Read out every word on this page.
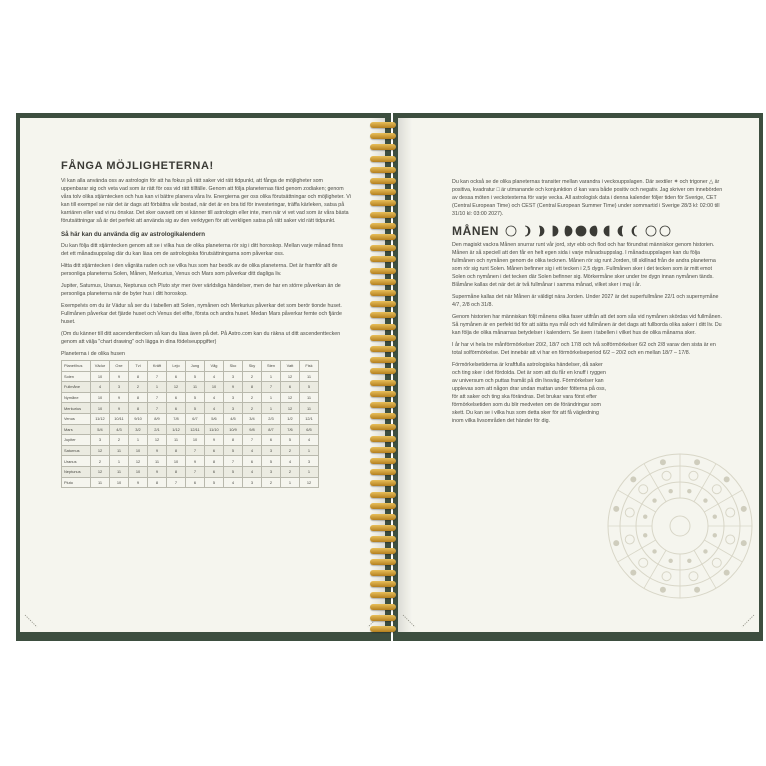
FÅNGA MÖJLIGHETERNA!

Vi kan alla använda oss av astrologin för att ha fokus på rätt saker vid rätt tidpunkt, att fånga de möjligheter som uppenbarar sig och veta vad som är rätt för oss vid rätt tillfälle. Genom att följa planeternas färd genom zodiaken; genom våra tolv olika stjärntecken och hus kan vi bättre planera våra liv. Energierna ger oss olika förutsättningar och möjligheter. Vi kan till exempel se när det är dags att förbättra vår bostad, när det är en bra tid för investeringar, träffa kärleken, satsa på karriären eller vad vi nu önskar. Det sker oavsett om vi känner till astrologin eller inte, men när vi vet vad som är våra bästa förutsättningar så är det perfekt att använda sig av den verktygen för att verkligen satsa på rätt saker vid rätt tidpunkt.

Så här kan du använda dig av astrologikalendern

Du kan följa ditt stjärntecken genom att se i vilka hus de olika planeterna rör sig i ditt horoskop. Mellan varje månad finns det ett månadsuppslag där du kan läsa om de astrologiska förutsättningarna som påverkar oss.

Hitta ditt stjärntecken i den vågräta raden och se vilka hus som har besök av de olika planeterna. Det är framför allt de personliga planeterna Solen, Månen, Merkurius, Venus och Mars som påverkar ditt dagliga liv.

Jupiter, Saturnus, Uranus, Neptunus och Pluto styr mer över världsliga händelser, men de har en större påverkan än de personliga planeterna när de byter hus i ditt horoskop.

Exempelvis om du är Vädur så ser du i tabellen att Solen, nymånen och Merkurius påverkar det som berör tionde huset. Fullmånen påverkar det fjärde huset och Venus det elfte, första och andra huset. Medan Mars påverkar femte och fjärde huset.

(Om du känner till ditt ascendenttecken så kan du läsa även på det. På Astro.com kan du räkna ut ditt ascendenttecken genom att välja "chart drawing" och lägga in dina födelseuppgifter)

Planeterna i de olika husen
Planet/hus	Vädur	Oxe	Tvi	Kräft	Lejo	Jung	Våg	Sko	Sky	Sten	Vatt	Fisk
Solen	10	9	8	7	6	5	4	3	2	1	12	11
Fullmåne	4	3	2	1	12	11	10	9	8	7	6	5
Nymåne	10	9	8	7	6	5	4	3	2	1	12	11
Merkurius	10	9	8	7	6	5	4	3	2	1	12	11
Venus	11/12	10/11	9/10	8/9	7/8	6/7	5/6	4/5	3/4	2/3	1/2	12/1
Mars	5/4	4/3	3/2	2/1	1/12	12/11	11/10	10/9	9/8	8/7	7/6	6/5
Jupiter	3	2	1	12	11	10	9	8	7	6	5	4
Saturnus	12	11	10	9	8	7	6	5	4	3	2	1
Uranus	2	1	12	11	10	9	8	7	6	5	4	3
Neptunus	12	11	10	9	8	7	6	5	4	3	2	1
Pluto	11	10	9	8	7	6	5	4	3	2	1	12

Du kan också se de olika planeternas transiter mellan varandra i veckouppslagen. Där sextiler ✶ och trigoner △ är positiva, kvadratur □ är utmanande och konjunktion ☌ kan vara både positiv och negativ. Jag skriver om innebörden av dessa möten i veckotexterna för varje vecka. All astrologisk data i denna kalender följer tiden för Sverige, CET (Central European Time) och CEST (Central European Summer Time) under sommartid i Sverige 28/3 kl: 02:00 till 31/10 kl: 03:00 2027).

MÅNEN

Den magiskt vackra Månen snurrar runt vår jord, styr ebb och flod och har förundrat människor genom historien. Månen är så speciell att den får en helt egen sida i varje månadsuppslag. I månadsuppslagen kan du följa fullmånen och nymånen genom de olika tecknen. Månen rör sig runt Jorden, till skillnad från de andra planeterna som rör sig runt Solen. Månen befinner sig i ett tecken i 2,5 dygn. Fullmånen sker i det tecken som är mitt emot Solen och nymånen i det tecken där Solen befinner sig. Mörkermåne sker under tre dygn innan nymånen tänds. Blåmåne kallas det när det är två fullmånar i samma månad, vilket sker i maj i år.

Supermåne kallas det när Månen är väldigt nära Jorden. Under 2027 är det superfullmåne 22/1 och supernymåne 4/7, 2/8 och 31/8.

Genom historien har människan följt månens olika faser utifrån att det som sås vid nymånen skördas vid fullmånen. Så nymånen är en perfekt tid för att sätta nya mål och vid fullmånen är det dags att fullborda olika saker i ditt liv. Du kan följa de olika månarnas betydelser i kalendern. Se även i tabellen i vilket hus de olika månarna sker.

I år har vi hela tre månförmörkelser 20/2, 18/7 och 17/8 och två solförmörkelser 6/2 och 2/8 varav den sista är en total solförmörkelse. Det innebär att vi har en förmörkelseperiod 6/2 – 20/2 och en mellan 18/7 – 17/8.

Förmörkelsetiderna är kraftfulla astrologiska händelser, då saker och ting sker i det fördolda. Det är som att du får en knuff i ryggen av universum och puttas framåt på din livsväg. Förmörkelser kan upplevas som att någon drar undan mattan under fötterna på oss, för att saker och ting ska förändras. Det brukar vara först efter förmörkelsetiden som du blir medveten om de förändringar som skett. Du kan se i vilka hus som detta sker för att få vägledning inom vilka livsområden det händer för dig.
